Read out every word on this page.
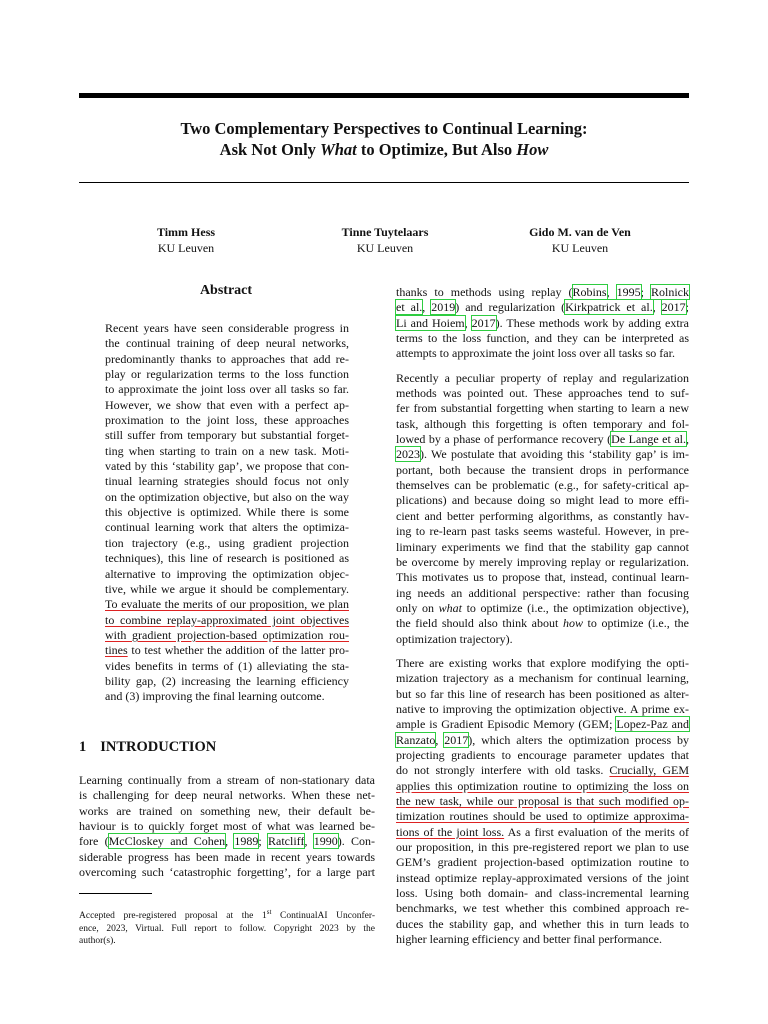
Two Complementary Perspectives to Continual Learning:
Ask Not Only What to Optimize, But Also How
Timm Hess
KU Leuven
Tinne Tuytelaars
KU Leuven
Gido M. van de Ven
KU Leuven
Abstract
Recent years have seen considerable progress in
the continual training of deep neural networks,
predominantly thanks to approaches that add re-
play or regularization terms to the loss function
to approximate the joint loss over all tasks so far.
However, we show that even with a perfect ap-
proximation to the joint loss, these approaches
still suffer from temporary but substantial forget-
ting when starting to train on a new task. Moti-
vated by this ‘stability gap’, we propose that con-
tinual learning strategies should focus not only
on the optimization objective, but also on the way
this objective is optimized. While there is some
continual learning work that alters the optimiza-
tion trajectory (e.g., using gradient projection
techniques), this line of research is positioned as
alternative to improving the optimization objec-
tive, while we argue it should be complementary.
To evaluate the merits of our proposition, we plan
to combine replay-approximated joint objectives
with gradient projection-based optimization rou-
tines to test whether the addition of the latter pro-
vides benefits in terms of (1) alleviating the sta-
bility gap, (2) increasing the learning efficiency
and (3) improving the final learning outcome.
1 INTRODUCTION
Learning continually from a stream of non-stationary data
is challenging for deep neural networks. When these net-
works are trained on something new, their default be-
haviour is to quickly forget most of what was learned be-
fore (McCloskey and Cohen, 1989; Ratcliff, 1990). Con-
siderable progress has been made in recent years towards
overcoming such ‘catastrophic forgetting’, for a large part
Accepted pre-registered proposal at the 1st ContinualAI Unconfer-
ence, 2023, Virtual. Full report to follow. Copyright 2023 by the
author(s).
thanks to methods using replay (Robins, 1995; Rolnick
et al., 2019) and regularization (Kirkpatrick et al., 2017;
Li and Hoiem, 2017). These methods work by adding extra
terms to the loss function, and they can be interpreted as
attempts to approximate the joint loss over all tasks so far.
Recently a peculiar property of replay and regularization
methods was pointed out. These approaches tend to suf-
fer from substantial forgetting when starting to learn a new
task, although this forgetting is often temporary and fol-
lowed by a phase of performance recovery (De Lange et al.,
2023). We postulate that avoiding this ‘stability gap’ is im-
portant, both because the transient drops in performance
themselves can be problematic (e.g., for safety-critical ap-
plications) and because doing so might lead to more effi-
cient and better performing algorithms, as constantly hav-
ing to re-learn past tasks seems wasteful. However, in pre-
liminary experiments we find that the stability gap cannot
be overcome by merely improving replay or regularization.
This motivates us to propose that, instead, continual learn-
ing needs an additional perspective: rather than focusing
only on what to optimize (i.e., the optimization objective),
the field should also think about how to optimize (i.e., the
optimization trajectory).
There are existing works that explore modifying the opti-
mization trajectory as a mechanism for continual learning,
but so far this line of research has been positioned as alter-
native to improving the optimization objective. A prime ex-
ample is Gradient Episodic Memory (GEM; Lopez-Paz and
Ranzato, 2017), which alters the optimization process by
projecting gradients to encourage parameter updates that
do not strongly interfere with old tasks. Crucially, GEM
applies this optimization routine to optimizing the loss on
the new task, while our proposal is that such modified op-
timization routines should be used to optimize approxima-
tions of the joint loss. As a first evaluation of the merits of
our proposition, in this pre-registered report we plan to use
GEM’s gradient projection-based optimization routine to
instead optimize replay-approximated versions of the joint
loss. Using both domain- and class-incremental learning
benchmarks, we test whether this combined approach re-
duces the stability gap, and whether this in turn leads to
higher learning efficiency and better final performance.
